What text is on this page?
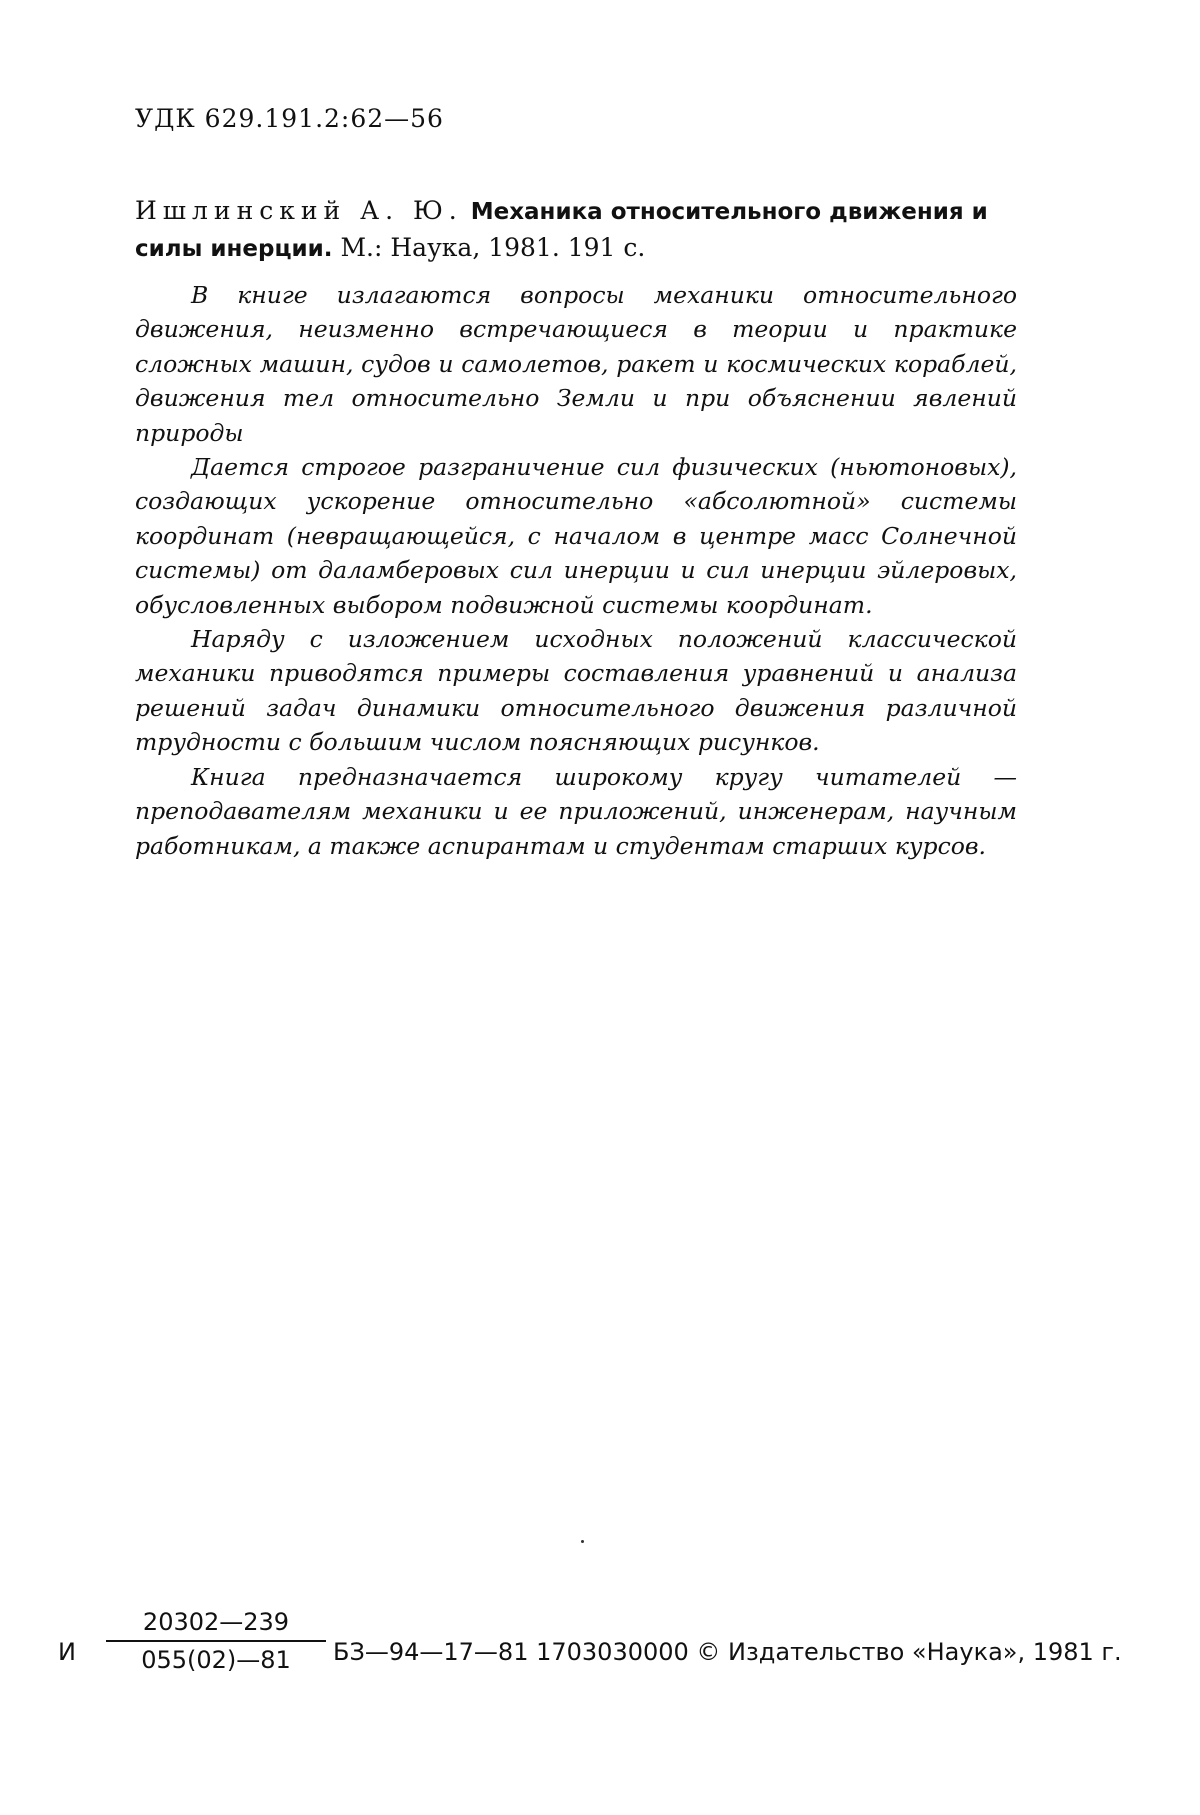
УДК 629.191.2:62—56
Ишлинский А. Ю. Механика относительного движения и силы инерции. М.: Наука, 1981. 191 с.

В книге излагаются вопросы механики относительного движения, неизменно встречающиеся в теории и практике сложных машин, судов и самолетов, ракет и космических кораблей, движения тел относительно Земли и при объяснении явлений природы

Дается строгое разграничение сил физических (ньютоновых), создающих ускорение относительно «абсолютной» системы координат (невращающейся, с началом в центре масс Солнечной системы) от даламберовых сил инерции и сил инерции эйлеровых, обусловленных выбором подвижной системы координат.

Наряду с изложением исходных положений классической механики приводятся примеры составления уравнений и анализа решений задач динамики относительного движения различной трудности с большим числом поясняющих рисунков.

Книга предназначается широкому кругу читателей — преподавателям механики и ее приложений, инженерам, научным работникам, а также аспирантам и студентам старших курсов.

И $\frac{20302—239}{055(02)—81}$ БЗ—94—17—81 1703030000 © Издательство «Наука», 1981 г.
